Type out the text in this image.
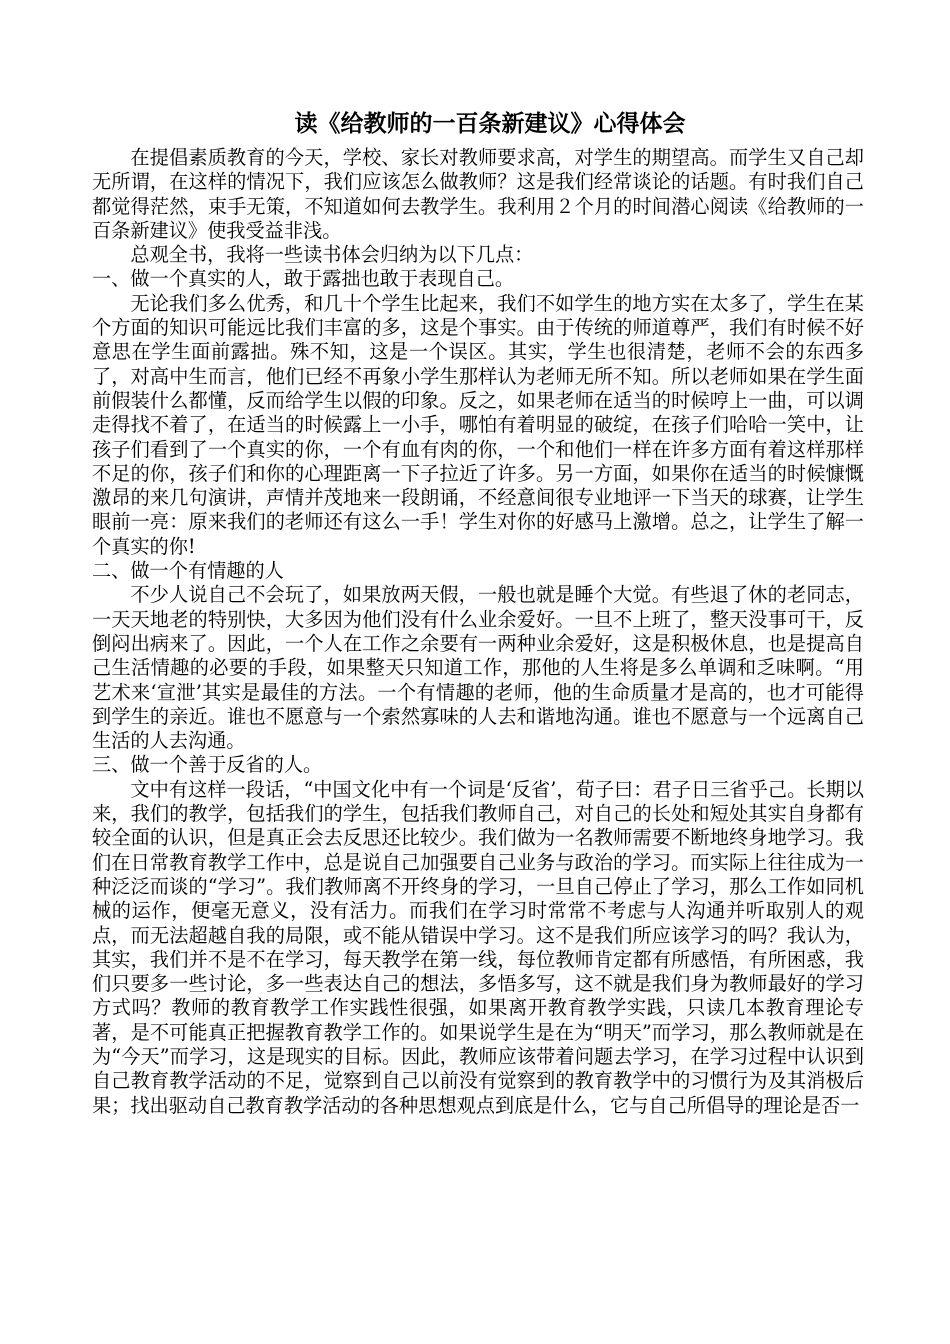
读《给教师的一百条新建议》心得体会

在提倡素质教育的今天，学校、家长对教师要求高，对学生的期望高。而学生又自己却无所谓，在这样的情况下，我们应该怎么做教师？这是我们经常谈论的话题。有时我们自己都觉得茫然，束手无策，不知道如何去教学生。我利用２个月的时间潜心阅读《给教师的一百条新建议》使我受益非浅。

总观全书，我将一些读书体会归纳为以下几点：

一、做一个真实的人，敢于露拙也敢于表现自己。

无论我们多么优秀，和几十个学生比起来，我们不如学生的地方实在太多了，学生在某个方面的知识可能远比我们丰富的多，这是个事实。由于传统的师道尊严，我们有时候不好意思在学生面前露拙。殊不知，这是一个误区。其实，学生也很清楚，老师不会的东西多了，对高中生而言，他们已经不再象小学生那样认为老师无所不知。所以老师如果在学生面前假装什么都懂，反而给学生以假的印象。反之，如果老师在适当的时候哼上一曲，可以调走得找不着了，在适当的时候露上一小手，哪怕有着明显的破绽，在孩子们哈哈一笑中，让孩子们看到了一个真实的你，一个有血有肉的你，一个和他们一样在许多方面有着这样那样不足的你，孩子们和你的心理距离一下子拉近了许多。另一方面，如果你在适当的时候慷慨激昂的来几句演讲，声情并茂地来一段朗诵，不经意间很专业地评一下当天的球赛，让学生眼前一亮：原来我们的老师还有这么一手！学生对你的好感马上激增。总之，让学生了解一个真实的你!

二、做一个有情趣的人

不少人说自己不会玩了，如果放两天假，一般也就是睡个大觉。有些退了休的老同志，一天天地老的特别快，大多因为他们没有什么业余爱好。一旦不上班了，整天没事可干，反倒闷出病来了。因此，一个人在工作之余要有一两种业余爱好，这是积极休息，也是提高自己生活情趣的必要的手段，如果整天只知道工作，那他的人生将是多么单调和乏味啊。“用艺术来‘宣泄’其实是最佳的方法。一个有情趣的老师，他的生命质量才是高的，也才可能得到学生的亲近。谁也不愿意与一个索然寡味的人去和谐地沟通。谁也不愿意与一个远离自己生活的人去沟通。

三、做一个善于反省的人。

文中有这样一段话，“中国文化中有一个词是‘反省’，荀子曰：君子日三省乎己。长期以来，我们的教学，包括我们的学生，包括我们教师自己，对自己的长处和短处其实自身都有较全面的认识，但是真正会去反思还比较少。我们做为一名教师需要不断地终身地学习。我们在日常教育教学工作中，总是说自己加强要自己业务与政治的学习。而实际上往往成为一种泛泛而谈的“学习”。我们教师离不开终身的学习，一旦自己停止了学习，那么工作如同机械的运作，便毫无意义，没有活力。而我们在学习时常常不考虑与人沟通并听取别人的观点，而无法超越自我的局限，或不能从错误中学习。这不是我们所应该学习的吗？我认为，其实，我们并不是不在学习，每天教学在第一线，每位教师肯定都有所感悟，有所困惑，我们只要多一些讨论，多一些表达自己的想法，多悟多写，这不就是我们身为教师最好的学习方式吗？教师的教育教学工作实践性很强，如果离开教育教学实践，只读几本教育理论专著，是不可能真正把握教育教学工作的。如果说学生是在为“明天”而学习，那么教师就是在为“今天”而学习，这是现实的目标。因此，教师应该带着问题去学习，在学习过程中认识到自己教育教学活动的不足，觉察到自己以前没有觉察到的教育教学中的习惯行为及其消极后果；找出驱动自己教育教学活动的各种思想观点到底是什么，它与自己所倡导的理论是否一
